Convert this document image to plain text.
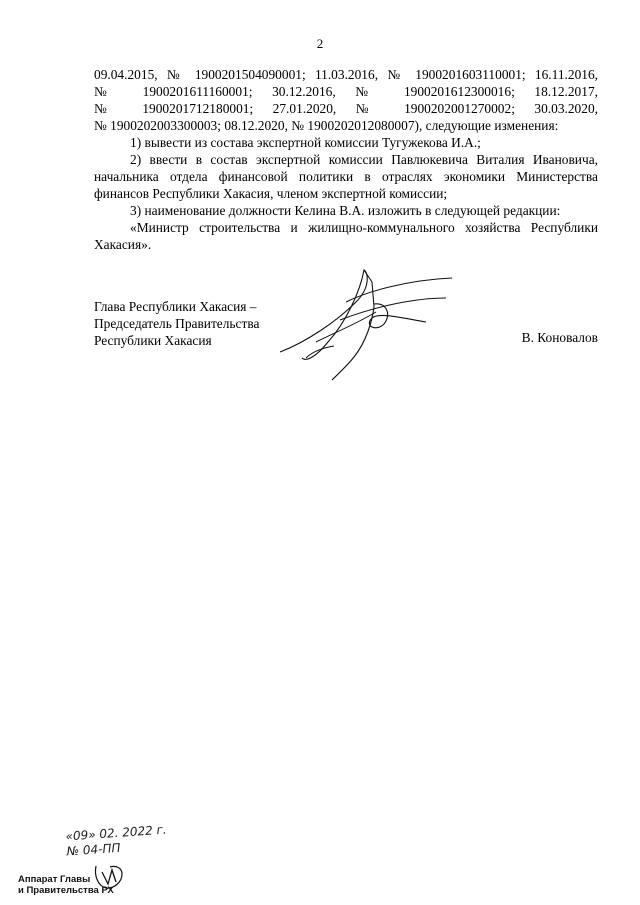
2
09.04.2015, № 1900201504090001; 11.03.2016, № 1900201603110001; 16.11.2016,
№ 1900201611160001; 30.12.2016, № 1900201612300016; 18.12.2017,
№ 1900201712180001; 27.01.2020, № 1900202001270002; 30.03.2020,
№ 1900202003300003; 08.12.2020, № 1900202012080007), следующие изменения:
1) вывести из состава экспертной комиссии Тугужекова И.А.;
2) ввести в состав экспертной комиссии Павлюкевича Виталия Ивановича, начальника отдела финансовой политики в отраслях экономики Министерства финансов Республики Хакасия, членом экспертной комиссии;
3) наименование должности Келина В.А. изложить в следующей редакции:
«Министр строительства и жилищно-коммунального хозяйства Республики Хакасия».
Глава Республики Хакасия –
Председатель Правительства
Республики Хакасия	В. Коновалов
«09» 02. 2022 г.
№ 04-ПП
Аппарат Главы
и Правительства РХ
